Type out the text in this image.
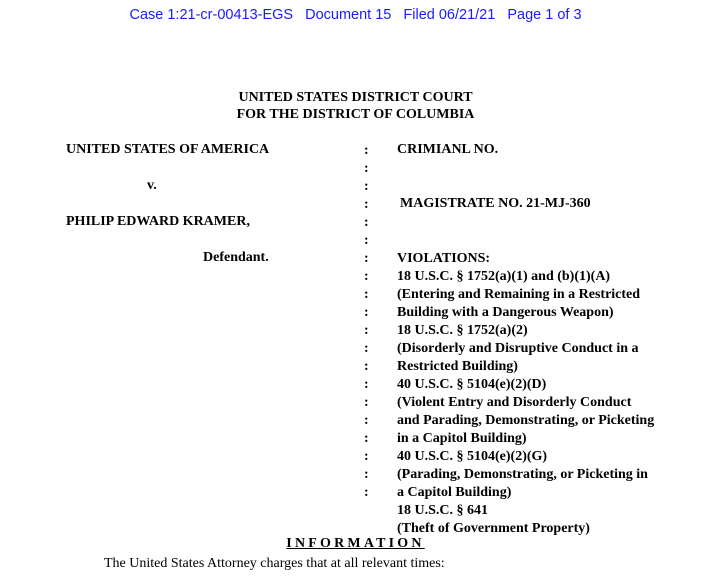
Case 1:21-cr-00413-EGS Document 15 Filed 06/21/21 Page 1 of 3
UNITED STATES DISTRICT COURT
FOR THE DISTRICT OF COLUMBIA
UNITED STATES OF AMERICA
v.
PHILIP EDWARD KRAMER,
Defendant.
:
:
:
:
:
:
:
:
:
:
:
:
:
:
:
:
:
:
:
:
CRIMIANL NO.
MAGISTRATE NO. 21-MJ-360
VIOLATIONS:
18 U.S.C. § 1752(a)(1) and (b)(1)(A)
(Entering and Remaining in a Restricted
Building with a Dangerous Weapon)
18 U.S.C. § 1752(a)(2)
(Disorderly and Disruptive Conduct in a
Restricted Building)
40 U.S.C. § 5104(e)(2)(D)
(Violent Entry and Disorderly Conduct
and Parading, Demonstrating, or Picketing
in a Capitol Building)
40 U.S.C. § 5104(e)(2)(G)
(Parading, Demonstrating, or Picketing in
a Capitol Building)
18 U.S.C. § 641
(Theft of Government Property)
INFORMATION
The United States Attorney charges that at all relevant times:
